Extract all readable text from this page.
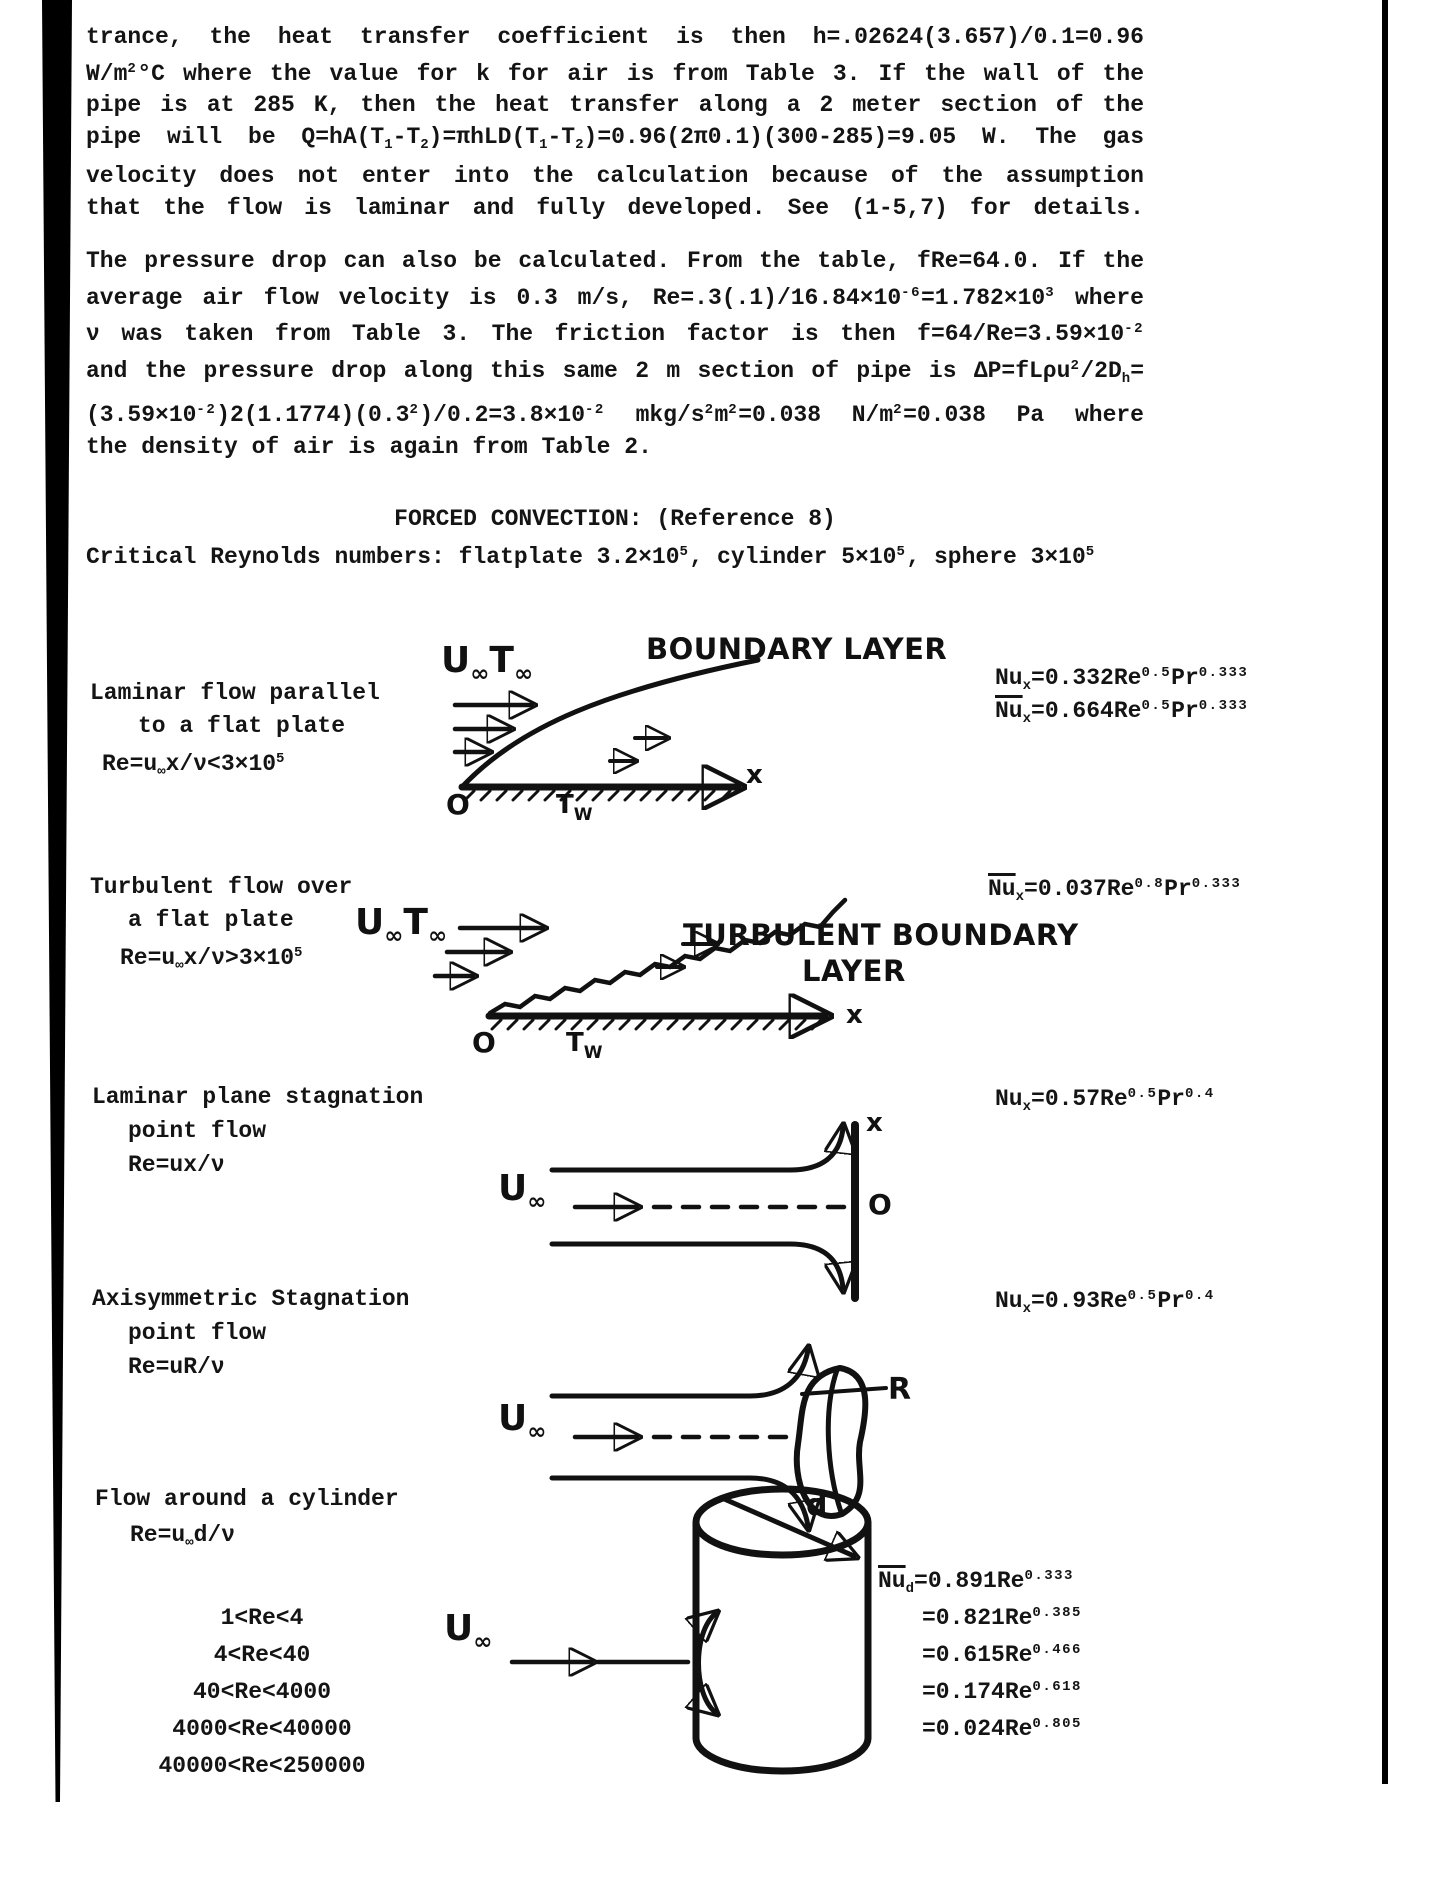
trance, the heat transfer coefficient is then h=.02624(3.657)/0.1=0.96
$W/m^2^\circ C$ where the value for k for air is from Table 3. If the wall of the
pipe is at 285 K, then the heat transfer along a 2 meter section of the
pipe will be $Q=hA(T_1-T_2)=\pi hLD(T_1-T_2)=0.96(2\pi 0.1)(300-285)=9.05$ W. The gas
velocity does not enter into the calculation because of the assumption
that the flow is laminar and fully developed. See (1-5,7) for details.
The pressure drop can also be calculated. From the table, fRe=64.0. If the
average air flow velocity is 0.3 m/s, $Re=.3(.1)/16.84\times 10^{-6}=1.782\times 10^3$ where
ν was taken from Table 3. The friction factor is then $f=64/Re=3.59\times 10^{-2}$
and the pressure drop along this same 2 m section of pipe is $\Delta P=fL\rho u^2/2D_h=$
$(3.59\times 10^{-2})2(1.1774)(0.3^2)/0.2=3.8\times 10^{-2}$ mkg/$s^2m^2=0.038$ $N/m^2=0.038$ Pa where
the density of air is again from Table 2.
FORCED CONVECTION: (Reference 8)
Critical Reynolds numbers: flatplate $3.2\times 10^5$, cylinder $5\times 10^5$, sphere $3\times 10^5$
Laminar flow parallel
to a flat plate
$Re=u_\infty x/\nu<3\times 10^5$
$U_\infty T_\infty$
BOUNDARY LAYER
$Nu_x=0.332Re^{0.5}Pr^{0.333}$
$\overline{Nu}_x=0.664Re^{0.5}Pr^{0.333}$
O	$T_W$
x
Turbulent flow over
a flat plate
$Re=u_\infty x/\nu>3\times 10^5$
$U_\infty T_\infty$
$\overline{Nu}_x=0.037Re^{0.8}Pr^{0.333}$
TURBULENT BOUNDARY
LAYER
O	$T_W$
x
Laminar plane stagnation
point flow
Re=ux/ν
$Nu_x=0.57Re^{0.5}Pr^{0.4}$
$U_\infty$
x
O
Axisymmetric Stagnation
point flow
Re=uR/ν
$Nu_x=0.93Re^{0.5}Pr^{0.4}$
$U_\infty$
R
Flow around a cylinder
$Re=u_\infty d/\nu$
1<Re<4
4<Re<40
40<Re<4000
4000<Re<40000
40000<Re<250000
$U_\infty$
d
$\overline{Nu}_d=0.891Re^{0.333}$
$=0.821Re^{0.385}$
$=0.615Re^{0.466}$
$=0.174Re^{0.618}$
$=0.024Re^{0.805}$
